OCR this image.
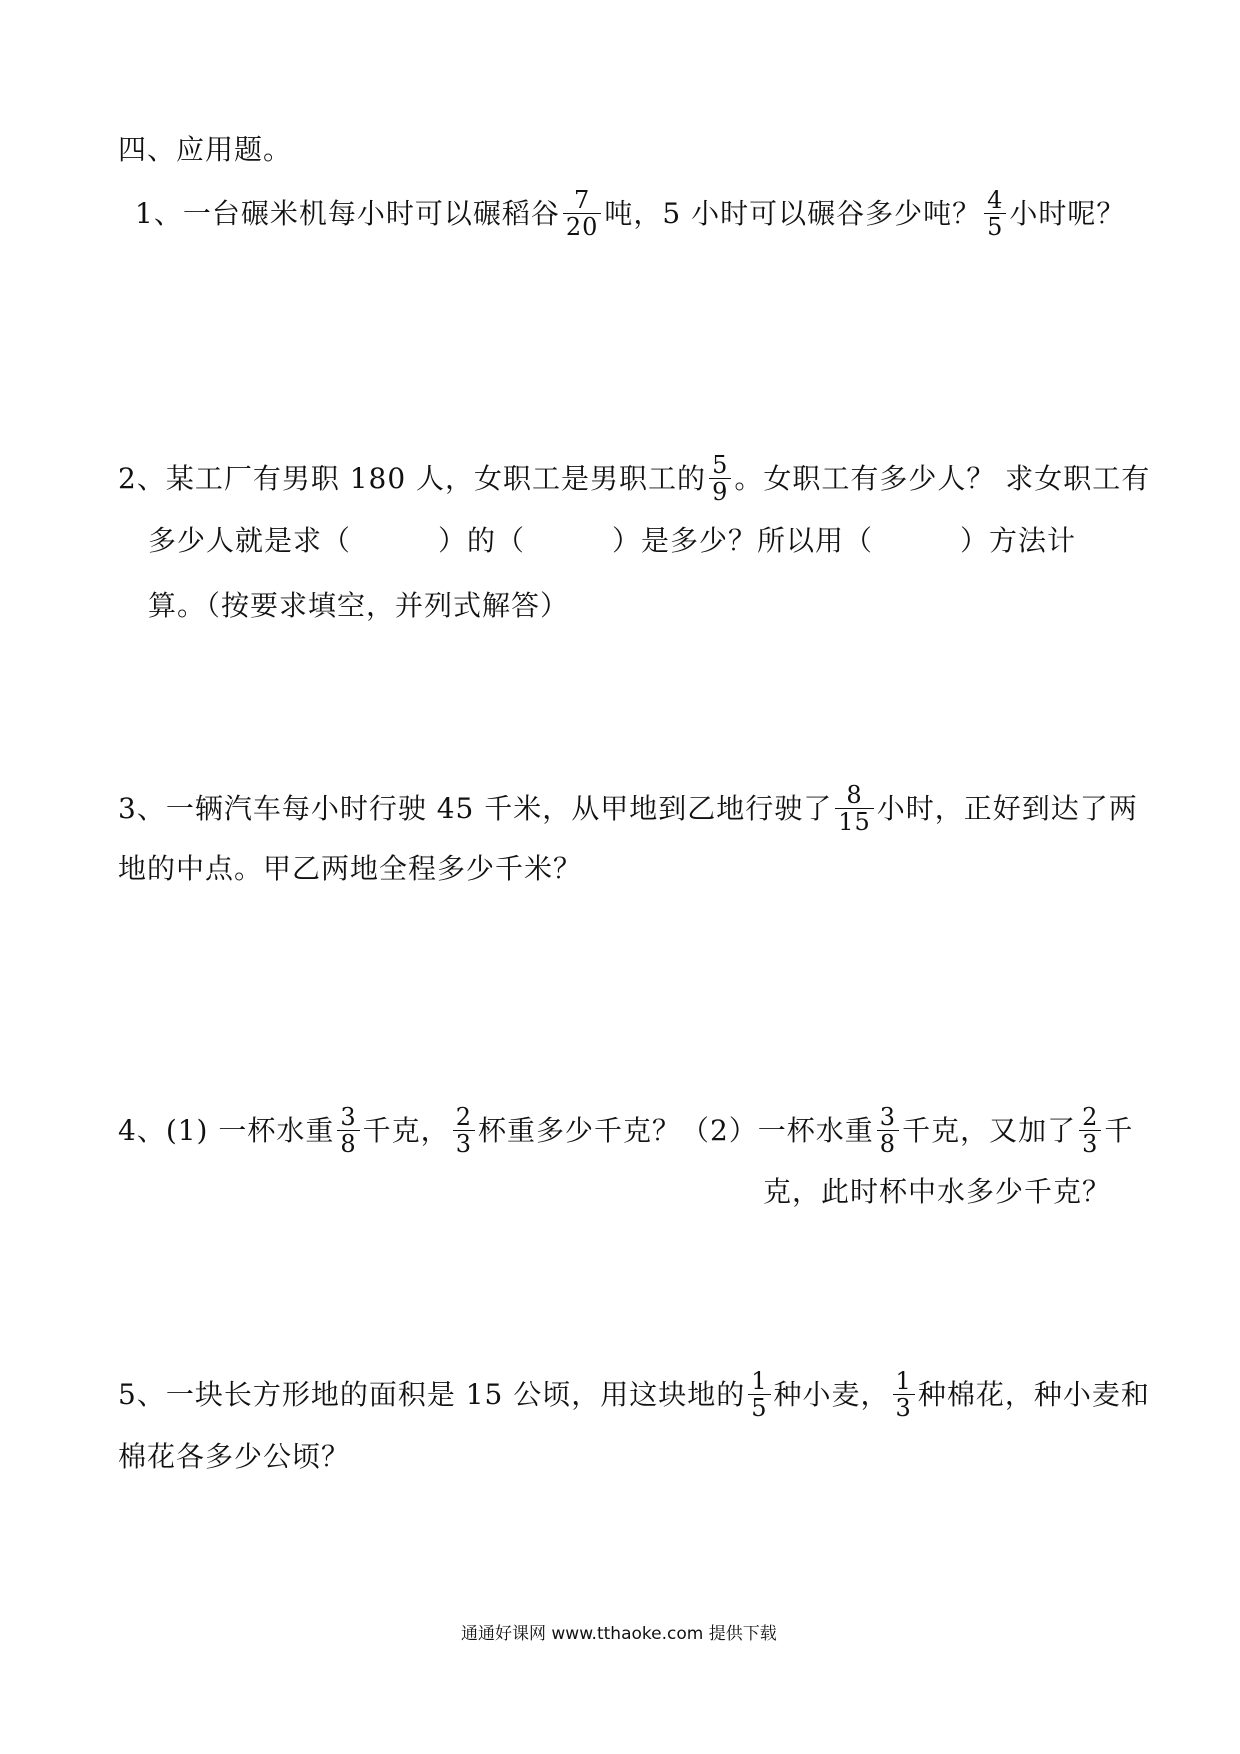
四、应用题。
1、一台碾米机每小时可以碾稻谷 $\frac{7}{20}$ 吨，5 小时可以碾谷多少吨？ $\frac{4}{5}$ 小时呢？
2、某工厂有男职 180 人，女职工是男职工的 $\frac{5}{9}$ 。女职工有多少人？ 求女职工有
多少人就是求（　　　）的（　　　）是多少？所以用（　　　）方法计
算。（按要求填空，并列式解答）
3、一辆汽车每小时行驶 45 千米，从甲地到乙地行驶了 $\frac{8}{15}$ 小时，正好到达了两
地的中点。甲乙两地全程多少千米？
4、(1) 一杯水重 $\frac{3}{8}$ 千克， $\frac{2}{3}$ 杯重多少千克？（2）一杯水重 $\frac{3}{8}$ 千克，又加了 $\frac{2}{3}$ 千
克，此时杯中水多少千克？
5、一块长方形地的面积是 15 公顷，用这块地的 $\frac{1}{5}$ 种小麦， $\frac{1}{3}$ 种棉花，种小麦和
棉花各多少公顷？
通通好课网 www.tthaoke.com 提供下载
